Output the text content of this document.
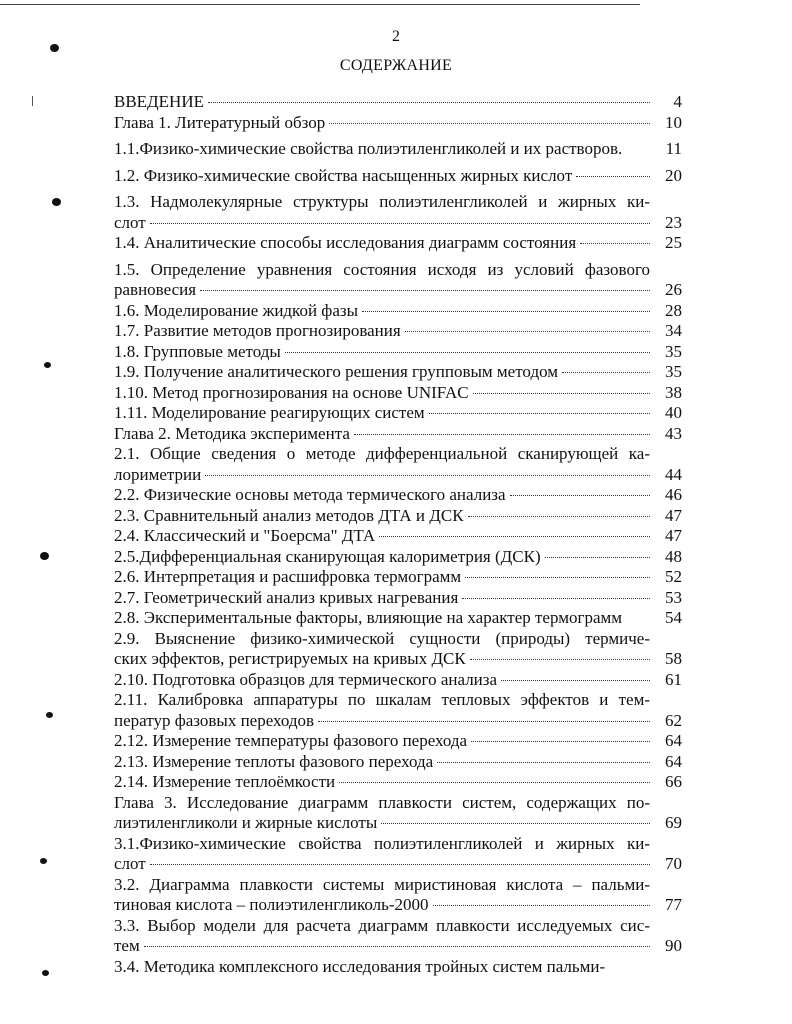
2
СОДЕРЖАНИЕ
ВВЕДЕНИЕ	4
Глава 1. Литературный обзор	10
1.1.Физико-химические свойства полиэтиленгликолей и их растворов.	11
1.2. Физико-химические свойства насыщенных жирных кислот	20
1.3. Надмолекулярные структуры полиэтиленгликолей и жирных ки-
слот	23
1.4. Аналитические способы исследования диаграмм состояния	25
1.5. Определение уравнения состояния исходя из условий фазового
равновесия	26
1.6. Моделирование жидкой фазы	28
1.7. Развитие методов прогнозирования	34
1.8. Групповые методы	35
1.9. Получение аналитического решения групповым методом	35
1.10. Метод прогнозирования на основе UNIFAC	38
1.11. Моделирование реагирующих систем	40
Глава 2. Методика эксперимента	43
2.1. Общие сведения о методе дифференциальной сканирующей ка-
лориметрии	44
2.2. Физические основы метода термического анализа	46
2.3. Сравнительный анализ методов ДТА и ДСК	47
2.4. Классический и "Боерсма" ДТА	47
2.5.Дифференциальная сканирующая калориметрия (ДСК)	48
2.6. Интерпретация и расшифровка термограмм	52
2.7. Геометрический анализ кривых нагревания	53
2.8. Экспериментальные факторы, влияющие на характер термограмм	54
2.9. Выяснение физико-химической сущности (природы) термиче-
ских эффектов, регистрируемых на кривых ДСК	58
2.10. Подготовка образцов для термического анализа	61
2.11. Калибровка аппаратуры по шкалам тепловых эффектов и тем-
ператур фазовых переходов	62
2.12. Измерение температуры фазового перехода	64
2.13. Измерение теплоты фазового перехода	64
2.14. Измерение теплоёмкости	66
Глава 3. Исследование диаграмм плавкости систем, содержащих по-
лиэтиленгликоли и жирные кислоты	69
3.1.Физико-химические свойства полиэтиленгликолей и жирных ки-
слот	70
3.2. Диаграмма плавкости системы миристиновая кислота – пальми-
тиновая кислота – полиэтиленгликоль-2000	77
3.3. Выбор модели для расчета диаграмм плавкости исследуемых сис-
тем	90
3.4. Методика комплексного исследования тройных систем пальми-
